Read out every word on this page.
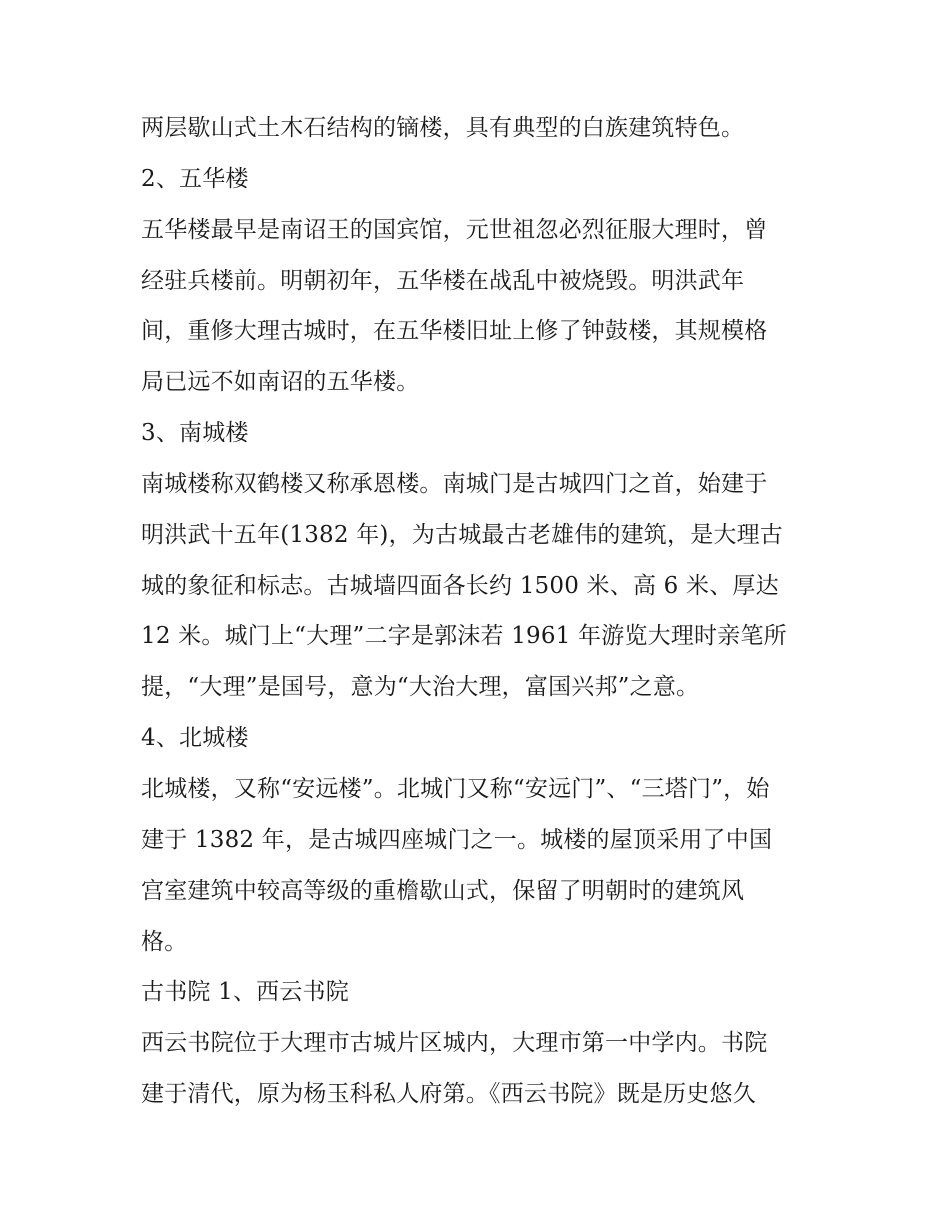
两层歇山式土木石结构的镝楼，具有典型的白族建筑特色。
2、五华楼
五华楼最早是南诏王的国宾馆，元世祖忽必烈征服大理时，曾
经驻兵楼前。明朝初年，五华楼在战乱中被烧毁。明洪武年
间，重修大理古城时，在五华楼旧址上修了钟鼓楼，其规模格
局已远不如南诏的五华楼。
3、南城楼
南城楼称双鹤楼又称承恩楼。南城门是古城四门之首，始建于
明洪武十五年(1382 年)，为古城最古老雄伟的建筑，是大理古
城的象征和标志。古城墙四面各长约 1500 米、高 6 米、厚达
12 米。城门上“大理”二字是郭沫若 1961 年游览大理时亲笔所
提，“大理”是国号，意为“大治大理，富国兴邦”之意。
4、北城楼
北城楼，又称“安远楼”。北城门又称“安远门”、“三塔门”，始
建于 1382 年，是古城四座城门之一。城楼的屋顶采用了中国
宫室建筑中较高等级的重檐歇山式，保留了明朝时的建筑风
格。
古书院 1、西云书院
西云书院位于大理市古城片区城内，大理市第一中学内。书院
建于清代，原为杨玉科私人府第。《西云书院》既是历史悠久
